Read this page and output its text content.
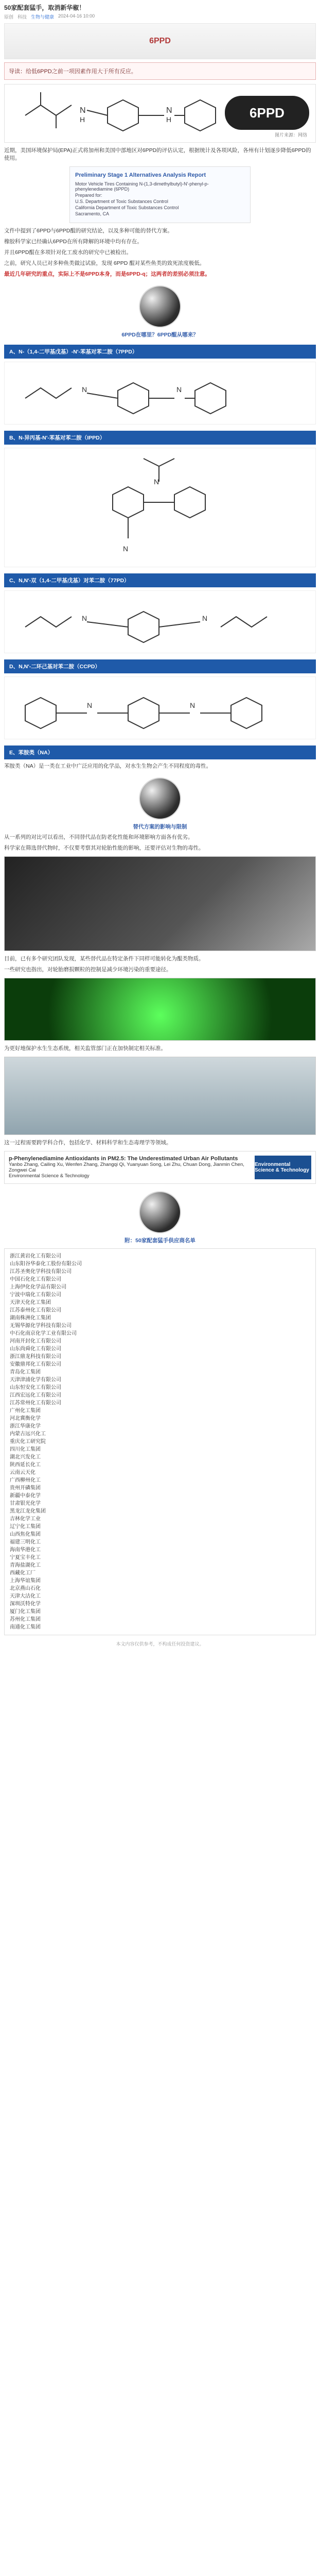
50家配套猛手，取消新华椒！
原创 科技 生物与健康 2024-04-16 10:00
6PPD
导读：给低6PPD之前一项因素作用大于所有反应。
N
H
N
H	6PPD
图片来源：网络
近期，美国环境保护局(EPA)正式将加州和美国中部地区对6PPD的评估认定，根据统计及各项风险，各州有计划逐步降低6PPD的使用。
Preliminary Stage 1 Alternatives Analysis Report

Motor Vehicle Tires Containing N-(1,3-dimethylbutyl)-N′-phenyl-p-phenylenediamine (6PPD)

Prepared for:

U.S. Department of Toxic Substances Control

California Department of Toxic Substances Control

Sacramento, CA

文件中提到了6PPD与6PPD醌的研究结论，以及多种可能的替代方案。
橡胶科学家已经确认6PPD在所有降解的环境中均有存在。
并且6PPD醌在多项针对化工废水的研究中已被检出。
之前，研究人员已对多种鱼类做过试验，发现 6PPD 醌对某些鱼类的致死浓度极低。
最近几年研究的重点，实际上不是6PPD本身，而是6PPD-q；这两者的差别必须注意。
6PPD在哪里？6PPD醌从哪来？
A、N-（1,4-二甲基戊基）-N′-苯基对苯二胺（7PPD）
N	N
B、N-异丙基-N′-苯基对苯二胺（IPPD）
N
N
C、N,N′-双（1,4-二甲基戊基）对苯二胺（77PD）
N	N
D、N,N′-二环己基对苯二胺（CCPD）
N	N
E、苯胺类（NA）
苯胺类（NA）是一类在工业中广泛应用的化学品，对水生生物会产生不同程度的毒性。
替代方案的影响与限制
从一系列的对比可以看出，不同替代品在防老化性能和环境影响方面各有优劣。
科学家在筛选替代物时，不仅要考察其对轮胎性能的影响，还要评估对生物的毒性。
目前，已有多个研究团队发现，某些替代品在特定条件下同样可能转化为醌类物质。
一些研究也指出，对轮胎磨损颗粒的控制是减少环境污染的重要途径。
为更好地保护水生生态系统，相关监管部门正在加快制定相关标准。
这一过程需要跨学科合作，包括化学、材料科学和生态毒理学等领域。
p-Phenylenediamine Antioxidants in PM2.5: The Underestimated Urban Air Pollutants
Yanbo Zhang, Cailing Xu, Wenfen Zhang, Zhangqi Qi, Yuanyuan Song, Lei Zhu, Chuan Dong, Jianmin Chen, Zongwei Cai
Environmental Science & Technology
Environmental Science & Technology
附：50家配套猛手供应商名单
浙江黄岩化工有限公司
山东阳谷华泰化工股份有限公司
江苏圣奥化学科技有限公司
中国石化化工有限公司
上海伊化化学品有限公司
宁波中瑞化工有限公司
天津天化化工集团
江苏泰州化工有限公司
湖南株洲化工集团
无锡华源化学科技有限公司
中石化南京化学工业有限公司
河南开封化工有限公司
山东尚舜化工有限公司
浙江鼎龙科技有限公司
安徽鼎邦化工有限公司
青岛化工集团
天津津浦化学有限公司
山东恒安化工有限公司
江西宏远化工有限公司
江苏常州化工有限公司
广州化工集团
河北冀衡化学
浙江华康化学
内蒙古远兴化工
重庆化工研究院
四川化工集团
湖北兴发化工
陕西延长化工
云南云天化
广西柳州化工
贵州开磷集团
新疆中泰化学
甘肃银光化学
黑龙江龙化集团
吉林化学工业
辽宁化工集团
山西焦化集团
福建三明化工
海南华港化工
宁夏宝丰化工
青海盐湖化工
西藏化工厂
上海华谊集团
北京燕山石化
天津大沽化工
深圳沃特化学
厦门化工集团
苏州化工集团
南通化工集团
本文内容仅供参考，不构成任何投资建议。
